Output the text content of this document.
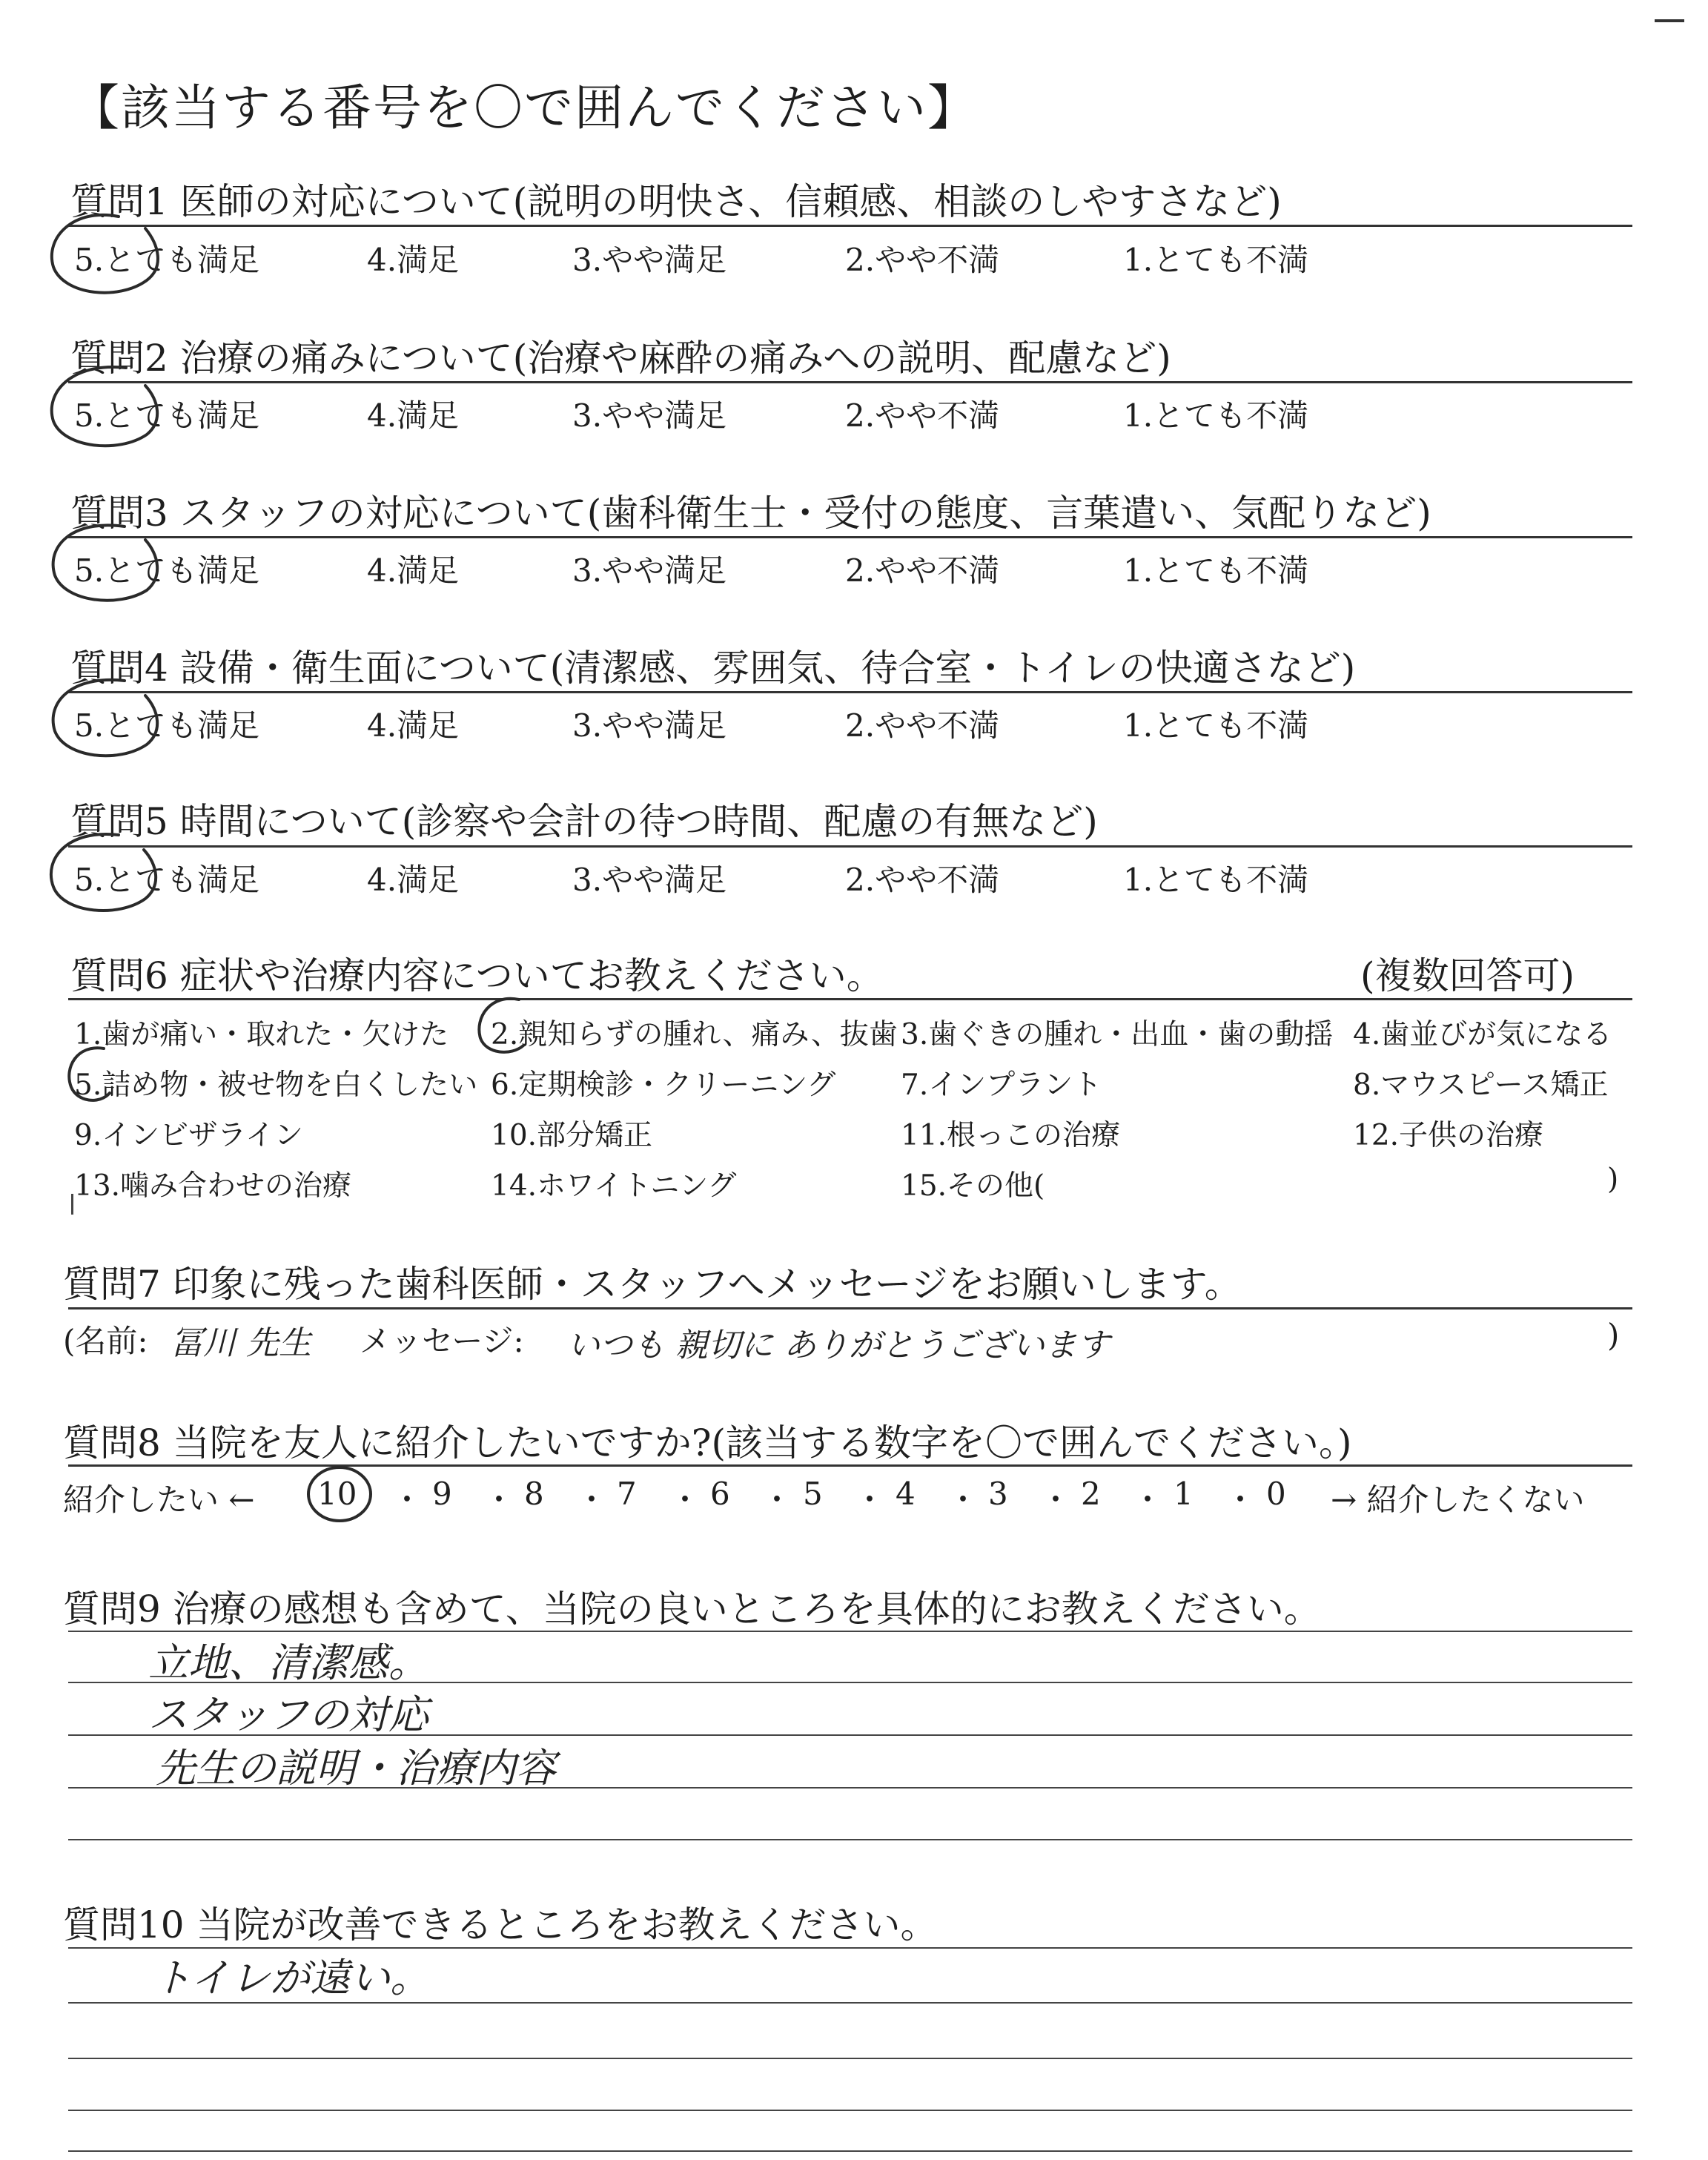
【該当する番号を〇で囲んでください】
質問1 医師の対応について(説明の明快さ、信頼感、相談のしやすさなど)
5.とても満足	4.満足	3.やや満足	2.やや不満	1.とても不満
質問2 治療の痛みについて(治療や麻酔の痛みへの説明、配慮など)
5.とても満足	4.満足	3.やや満足	2.やや不満	1.とても不満
質問3 スタッフの対応について(歯科衛生士・受付の態度、言葉遣い、気配りなど)
5.とても満足	4.満足	3.やや満足	2.やや不満	1.とても不満
質問4 設備・衛生面について(清潔感、雰囲気、待合室・トイレの快適さなど)
5.とても満足	4.満足	3.やや満足	2.やや不満	1.とても不満
質問5 時間について(診察や会計の待つ時間、配慮の有無など)
5.とても満足	4.満足	3.やや満足	2.やや不満	1.とても不満
質問6 症状や治療内容についてお教えください。	(複数回答可)
1.歯が痛い・取れた・欠けた 2.親知らずの腫れ、痛み、抜歯 3.歯ぐきの腫れ・出血・歯の動揺 4.歯並びが気になる
5.詰め物・被せ物を白くしたい 6.定期検診・クリーニング 7.インプラント	8.マウスピース矯正
9.インビザライン	10.部分矯正	11.根っこの治療	12.子供の治療
13.噛み合わせの治療	14.ホワイトニング	15.その他(	)
質問7 印象に残った歯科医師・スタッフへメッセージをお願いします。
(名前: 冨川 先生 メッセージ: いつも 親切に ありがとうございます	)
質問8 当院を友人に紹介したいですか?(該当する数字を〇で囲んでください。)
紹介したい ← 10 ・ 9 ・ 8 ・ 7 ・ 6 ・ 5 ・ 4 ・ 3 ・ 2 ・ 1 ・ 0 → 紹介したくない
質問9 治療の感想も含めて、当院の良いところを具体的にお教えください。
立地、清潔感。
スタッフの対応
先生の説明・治療内容
質問10 当院が改善できるところをお教えください。
トイレが遠い。
